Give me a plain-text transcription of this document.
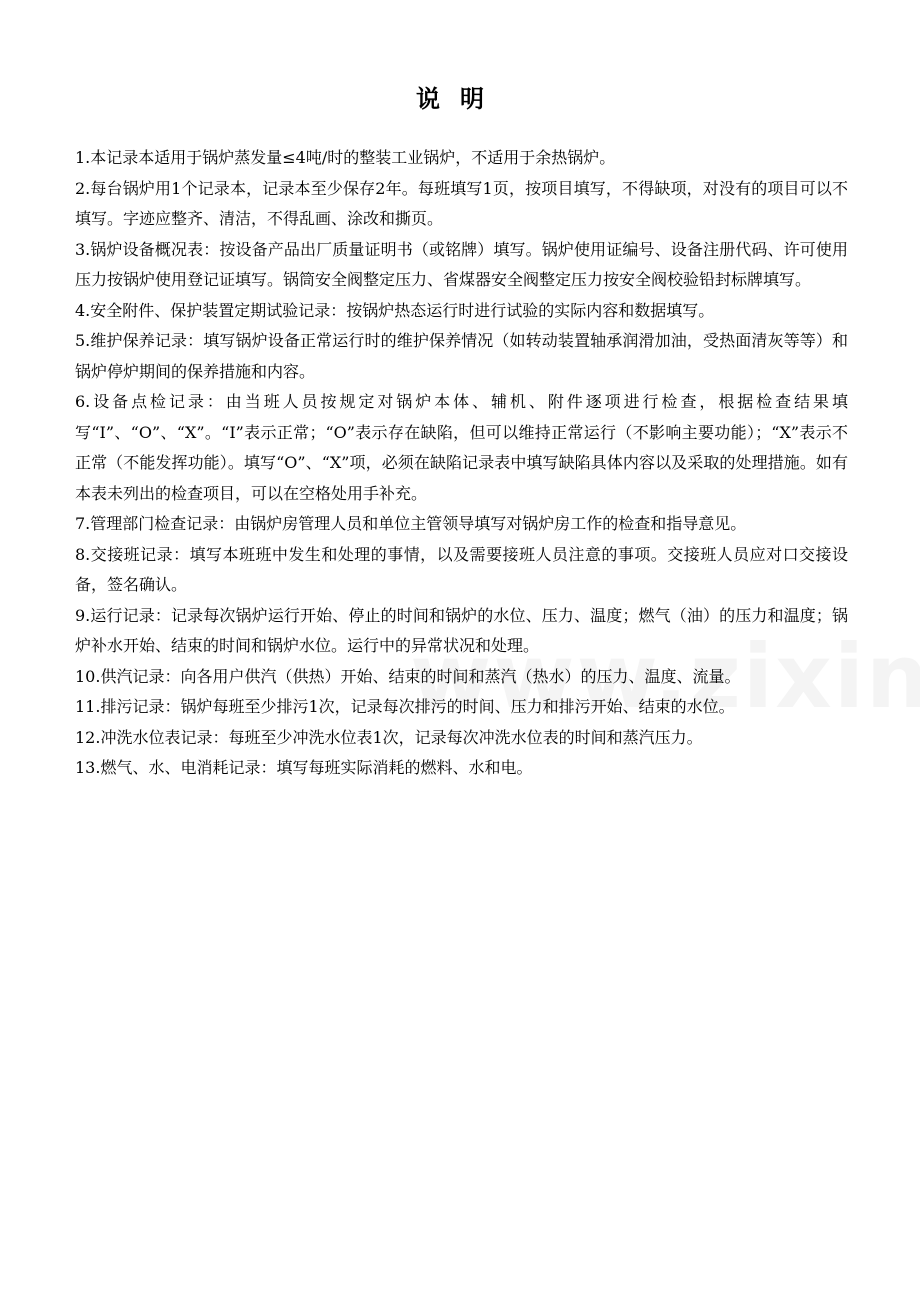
说明

1.本记录本适用于锅炉蒸发量≤4吨/时的整装工业锅炉，不适用于余热锅炉。

2.每台锅炉用1个记录本，记录本至少保存2年。每班填写1页，按项目填写，不得缺项，对没有的项目可以不填写。字迹应整齐、清洁，不得乱画、涂改和撕页。

3.锅炉设备概况表：按设备产品出厂质量证明书（或铭牌）填写。锅炉使用证编号、设备注册代码、许可使用压力按锅炉使用登记证填写。锅筒安全阀整定压力、省煤器安全阀整定压力按安全阀校验铅封标牌填写。

4.安全附件、保护装置定期试验记录：按锅炉热态运行时进行试验的实际内容和数据填写。

5.维护保养记录：填写锅炉设备正常运行时的维护保养情况（如转动装置轴承润滑加油，受热面清灰等等）和锅炉停炉期间的保养措施和内容。

6.设备点检记录：由当班人员按规定对锅炉本体、辅机、附件逐项进行检查，根据检查结果填写“I”、“O”、“X”。“I”表示正常；“O”表示存在缺陷，但可以维持正常运行（不影响主要功能）；“X”表示不正常（不能发挥功能）。填写“O”、“X”项，必须在缺陷记录表中填写缺陷具体内容以及采取的处理措施。如有本表未列出的检查项目，可以在空格处用手补充。

7.管理部门检查记录：由锅炉房管理人员和单位主管领导填写对锅炉房工作的检查和指导意见。

8.交接班记录：填写本班班中发生和处理的事情，以及需要接班人员注意的事项。交接班人员应对口交接设备，签名确认。

9.运行记录：记录每次锅炉运行开始、停止的时间和锅炉的水位、压力、温度；燃气（油）的压力和温度；锅炉补水开始、结束的时间和锅炉水位。运行中的异常状况和处理。

10.供汽记录：向各用户供汽（供热）开始、结束的时间和蒸汽（热水）的压力、温度、流量。

11.排污记录：锅炉每班至少排污1次，记录每次排污的时间、压力和排污开始、结束的水位。

12.冲洗水位表记录：每班至少冲洗水位表1次，记录每次冲洗水位表的时间和蒸汽压力。

13.燃气、水、电消耗记录：填写每班实际消耗的燃料、水和电。
